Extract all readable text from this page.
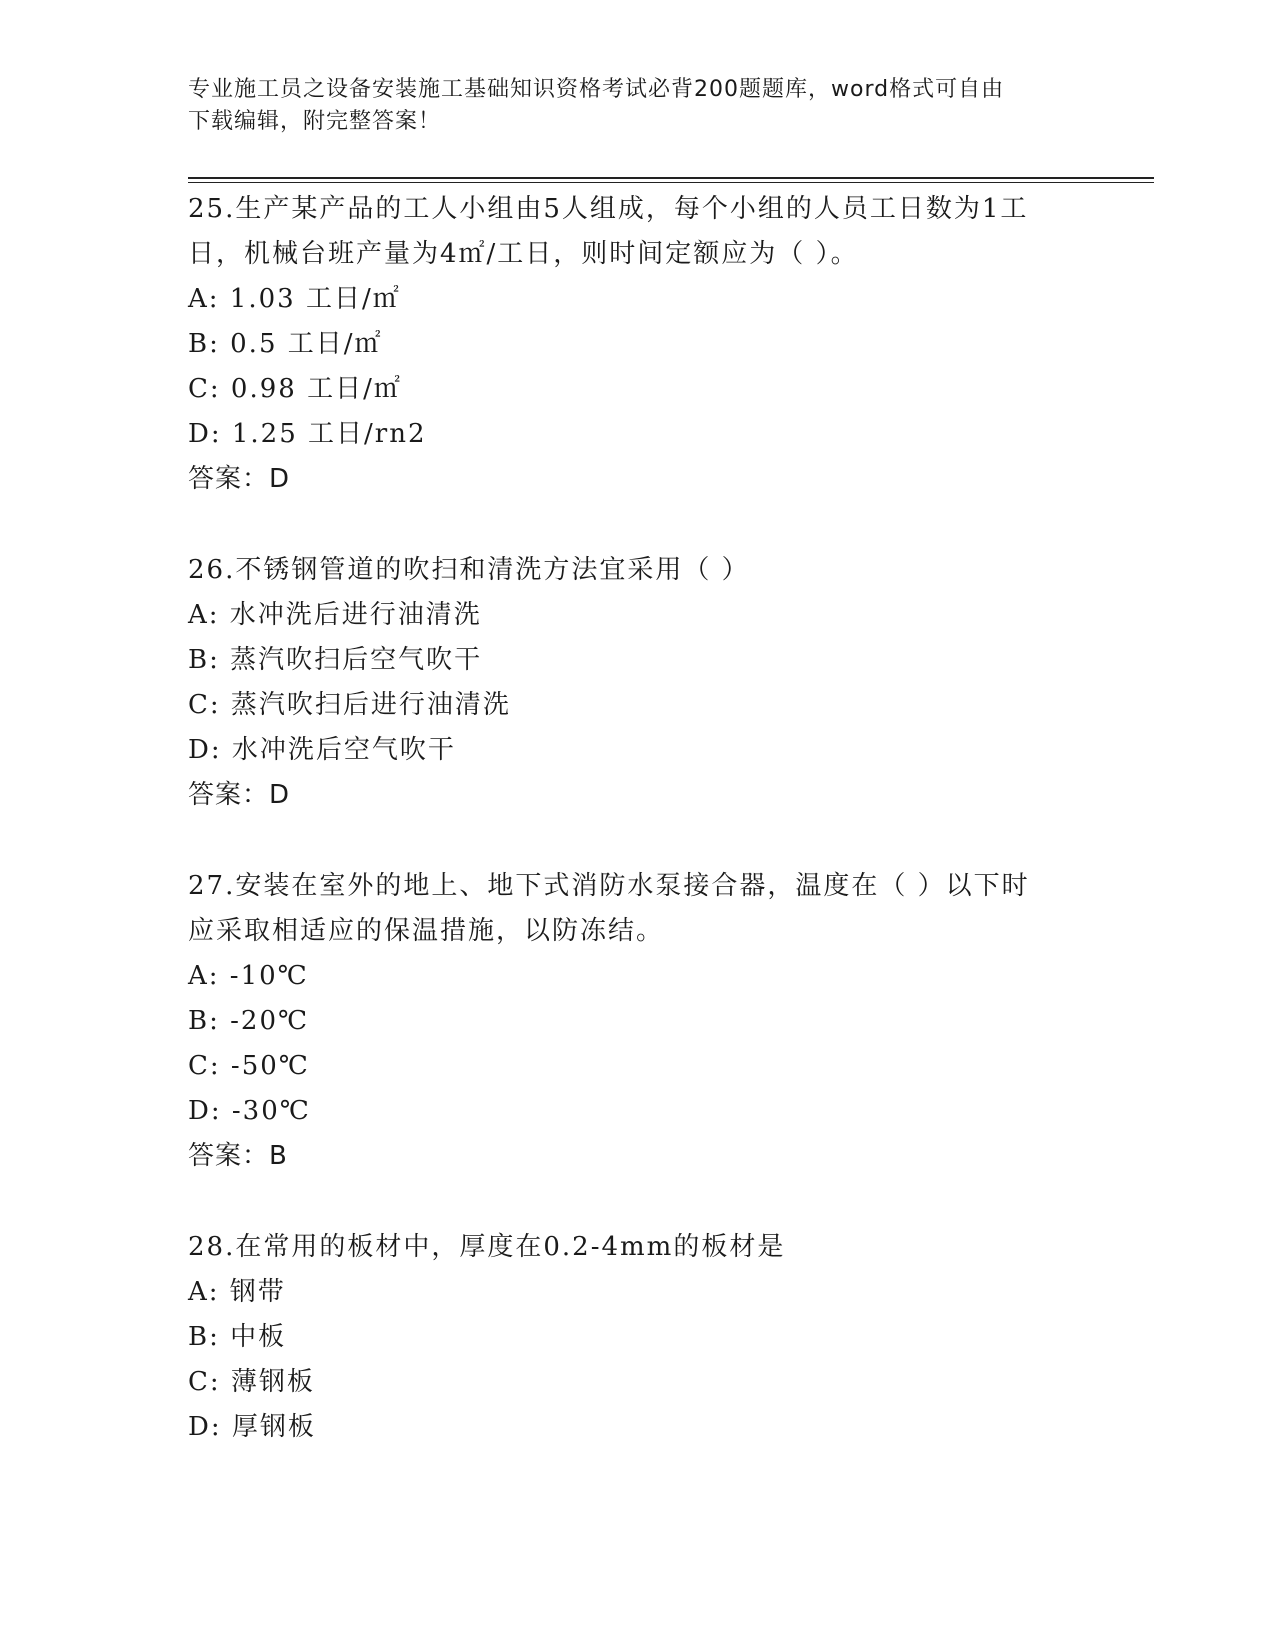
专业施工员之设备安装施工基础知识资格考试必背200题题库，word格式可自由
下载编辑，附完整答案！
25.生产某产品的工人小组由5人组成，每个小组的人员工日数为1工
日，机械台班产量为4㎡/工日，则时间定额应为（ ）。
A: 1.03 工日/㎡
B: 0.5 工日/㎡
C: 0.98 工日/㎡
D: 1.25 工日/rn2
答案：D
26.不锈钢管道的吹扫和清洗方法宜采用（ ）
A: 水冲洗后进行油清洗
B: 蒸汽吹扫后空气吹干
C: 蒸汽吹扫后进行油清洗
D: 水冲洗后空气吹干
答案：D
27.安装在室外的地上、地下式消防水泵接合器，温度在（ ）以下时
应采取相适应的保温措施，以防冻结。
A: -10℃
B: -20℃
C: -50℃
D: -30℃
答案：B
28.在常用的板材中，厚度在0.2-4mm的板材是
A: 钢带
B: 中板
C: 薄钢板
D: 厚钢板
